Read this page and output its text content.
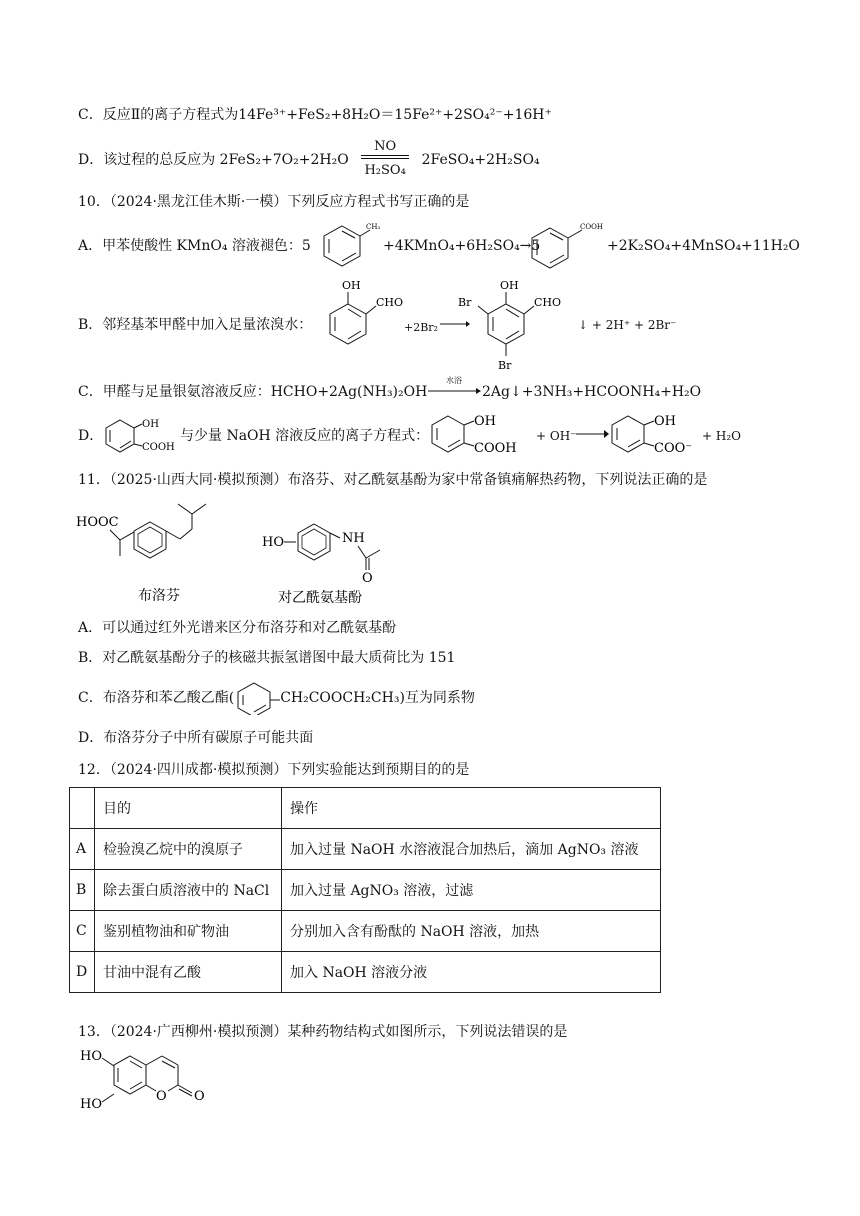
C．反应Ⅱ的离子方程式为14Fe³⁺+FeS₂+8H₂O＝15Fe²⁺+2SO₄²⁻+16H⁺
D．该过程的总反应为 $2FeS_2+7O_2+2H_2O \frac{NO}{\text{H₂SO₄}}$ 2FeSO₄+2H₂SO₄
10．（2024·黑龙江佳木斯·一模）下列反应方程式书写正确的是
A．甲苯使酸性 KMnO₄ 溶液褪色：5
CH₃
+4KMnO₄+6H₂SO₄→5
COOH
+2K₂SO₄+4MnSO₄+11H₂O
B．邻羟基苯甲醛中加入足量浓溴水：
OH
CHO
+2Br₂
OH
CHO
Br
Br
↓ + 2H⁺ + 2Br⁻
C．甲醛与足量银氨溶液反应：HCHO+2Ag(NH₃)₂OH
水浴
2Ag↓+3NH₃+HCOONH₄+H₂O
D．
OH
COOH
与少量 NaOH 溶液反应的离子方程式：
OH
COOH
+ OH⁻
OH
COO⁻
+ H₂O
11．（2025·山西大同·模拟预测）布洛芬、对乙酰氨基酚为家中常备镇痛解热药物，下列说法正确的是
HOOC
布洛芬
HO	NH
O
对乙酰氨基酚
A．可以通过红外光谱来区分布洛芬和对乙酰氨基酚
B．对乙酰氨基酚分子的核磁共振氢谱图中最大质荷比为 151
C．布洛芬和苯乙酸乙酯(	CH₂COOCH₂CH₃)互为同系物
D．布洛芬分子中所有碳原子可能共面
12．（2024·四川成都·模拟预测）下列实验能达到预期目的的是
	目的	操作
A	检验溴乙烷中的溴原子	加入过量 NaOH 水溶液混合加热后，滴加 AgNO₃ 溶液
B	除去蛋白质溶液中的 NaCl	加入过量 AgNO₃ 溶液，过滤
C	鉴别植物油和矿物油	分别加入含有酚酞的 NaOH 溶液，加热
D	甘油中混有乙酸	加入 NaOH 溶液分液
13．（2024·广西柳州·模拟预测）某种药物结构式如图所示，下列说法错误的是
HO
HO
O O
